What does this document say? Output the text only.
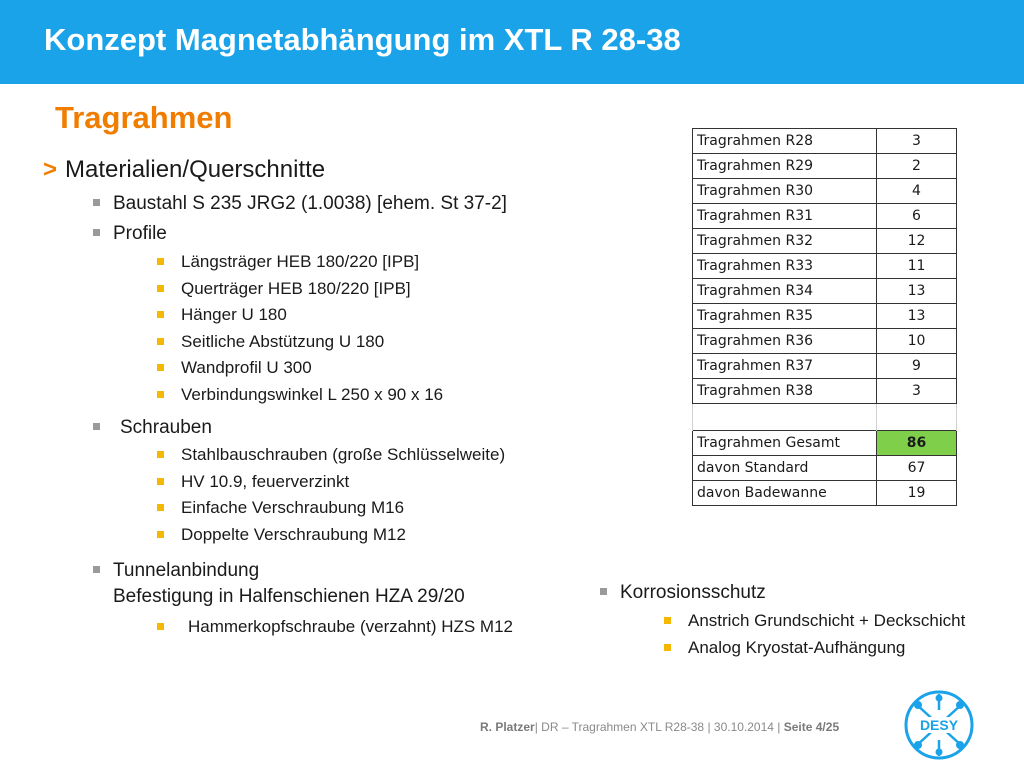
Konzept Magnetabhängung im XTL R 28-38
Tragrahmen
> Materialien/Querschnitte
Baustahl S 235 JRG2 (1.0038) [ehem. St 37-2]
Profile
Längsträger HEB 180/220 [IPB]
Querträger HEB 180/220 [IPB]
Hänger U 180
Seitliche Abstützung U 180
Wandprofil U 300
Verbindungswinkel L 250 x 90 x 16
Schrauben
Stahlbauschrauben (große Schlüsselweite)
HV 10.9, feuerverzinkt
Einfache Verschraubung M16
Doppelte Verschraubung M12
Tunnelanbindung
Befestigung in Halfenschienen HZA 29/20
Hammerkopfschraube (verzahnt) HZS M12
Korrosionsschutz
Anstrich Grundschicht + Deckschicht
Analog Kryostat-Aufhängung
Tragrahmen R28	3
Tragrahmen R29	2
Tragrahmen R30	4
Tragrahmen R31	6
Tragrahmen R32	12
Tragrahmen R33	11
Tragrahmen R34	13
Tragrahmen R35	13
Tragrahmen R36	10
Tragrahmen R37	9
Tragrahmen R38	3

Tragrahmen Gesamt	86
davon Standard	67
davon Badewanne	19
R. Platzer| DR – Tragrahmen XTL R28-38 | 30.10.2014 | Seite 4/25	DESY
